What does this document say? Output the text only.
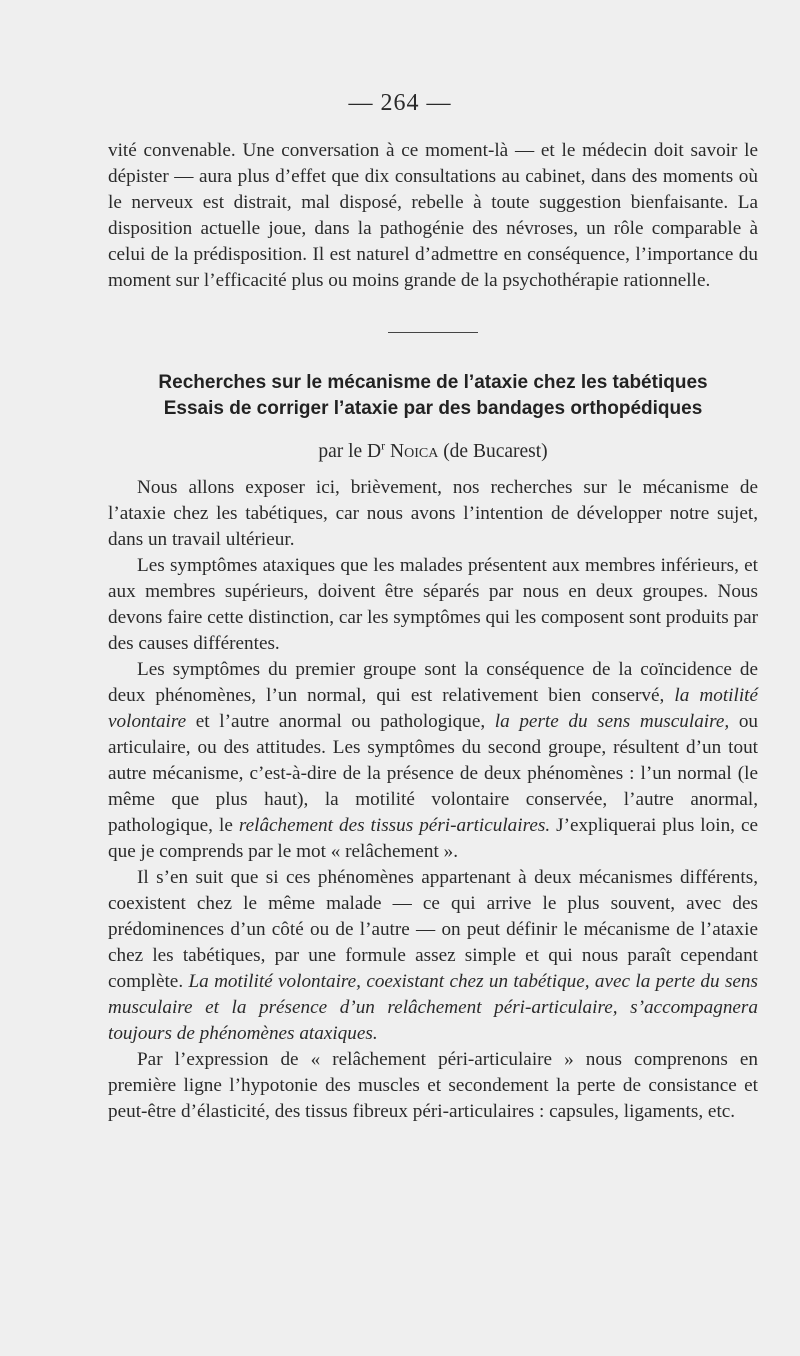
— 264 —

vité convenable. Une conversation à ce moment-là — et le médecin doit savoir le dépister — aura plus d’effet que dix consultations au cabinet, dans des moments où le nerveux est distrait, mal disposé, rebelle à toute suggestion bienfaisante. La disposition actuelle joue, dans la pathogénie des névroses, un rôle comparable à celui de la prédisposition. Il est naturel d’admettre en conséquence, l’importance du moment sur l’efficacité plus ou moins grande de la psychothérapie rationnelle.

Recherches sur le mécanisme de l’ataxie chez les tabétiques
Essais de corriger l’ataxie par des bandages orthopédiques
par le $D^r$ Noica (de Bucarest)

Nous allons exposer ici, brièvement, nos recherches sur le mécanisme de l’ataxie chez les tabétiques, car nous avons l’intention de développer notre sujet, dans un travail ultérieur.

Les symptômes ataxiques que les malades présentent aux membres inférieurs, et aux membres supérieurs, doivent être séparés par nous en deux groupes. Nous devons faire cette distinction, car les symptômes qui les composent sont produits par des causes différentes.

Les symptômes du premier groupe sont la conséquence de la coïncidence de deux phénomènes, l’un normal, qui est relativement bien conservé, la motilité volontaire et l’autre anormal ou pathologique, la perte du sens musculaire, ou articulaire, ou des attitudes. Les symptômes du second groupe, résultent d’un tout autre mécanisme, c’est-à-dire de la présence de deux phénomènes : l’un normal (le même que plus haut), la motilité volontaire conservée, l’autre anormal, pathologique, le relâchement des tissus péri-articulaires. J’expliquerai plus loin, ce que je comprends par le mot « relâchement ».

Il s’en suit que si ces phénomènes appartenant à deux mécanismes différents, coexistent chez le même malade — ce qui arrive le plus souvent, avec des prédominences d’un côté ou de l’autre — on peut définir le mécanisme de l’ataxie chez les tabétiques, par une formule assez simple et qui nous paraît cependant complète. La motilité volontaire, coexistant chez un tabétique, avec la perte du sens musculaire et la présence d’un relâchement péri-articulaire, s’accompagnera toujours de phénomènes ataxiques.

Par l’expression de « relâchement péri-articulaire » nous comprenons en première ligne l’hypotonie des muscles et secondement la perte de consistance et peut-être d’élasticité, des tissus fibreux péri-articulaires : capsules, ligaments, etc.
